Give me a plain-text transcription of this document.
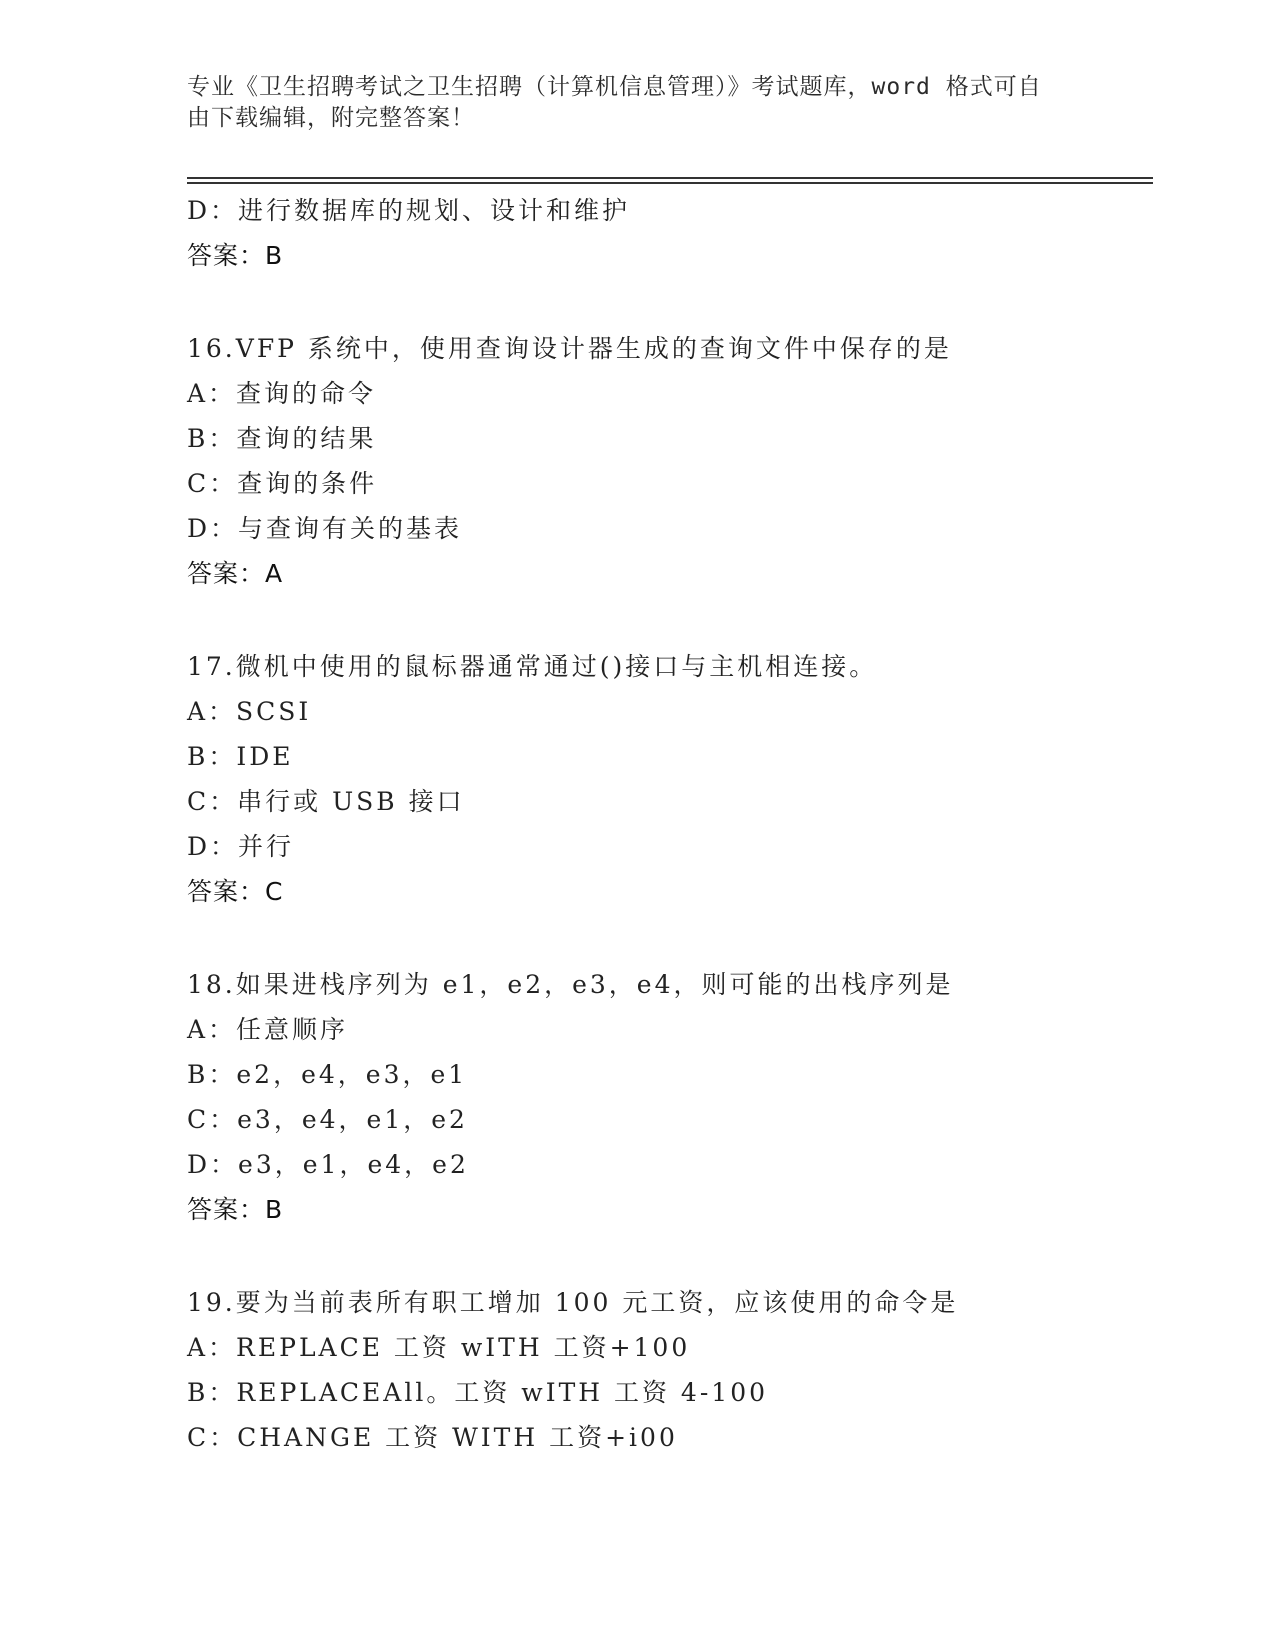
专业《卫生招聘考试之卫生招聘（计算机信息管理）》考试题库，word 格式可自
由下载编辑，附完整答案！
D：进行数据库的规划、设计和维护
答案：B
16.VFP 系统中，使用查询设计器生成的查询文件中保存的是
A：查询的命令
B：查询的结果
C：查询的条件
D：与查询有关的基表
答案：A
17.微机中使用的鼠标器通常通过()接口与主机相连接。
A：SCSI
B：IDE
C：串行或 USB 接口
D：并行
答案：C
18.如果进栈序列为 e1，e2，e3，e4，则可能的出栈序列是
A：任意顺序
B：e2，e4，e3，e1
C：e3，e4，e1，e2
D：e3，e1，e4，e2
答案：B
19.要为当前表所有职工增加 100 元工资，应该使用的命令是
A：REPLACE 工资 wITH 工资+100
B：REPLACEAll。工资 wITH 工资 4-100
C：CHANGE 工资 WITH 工资+i00
